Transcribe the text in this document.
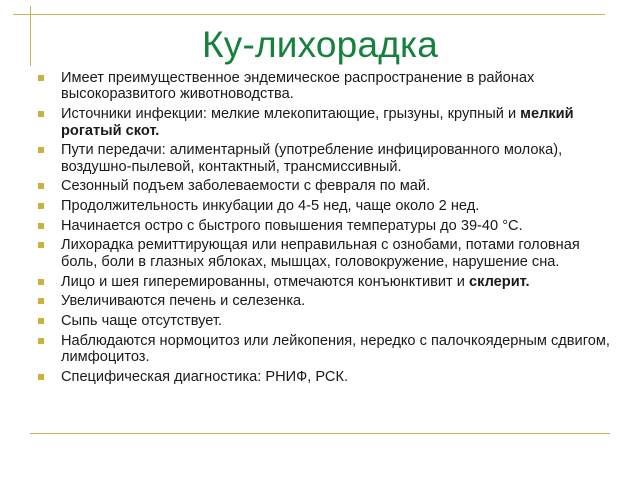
Ку-лихорадка
Имеет преимущественное эндемическое распространение в районах высокоразвитого животноводства.
Источники инфекции: мелкие млекопитающие, грызуны, крупный и мелкий рогатый скот.
Пути передачи: алиментарный (употребление инфицированного молока), воздушно-пылевой, контактный, трансмиссивный.
Сезонный подъем заболеваемости с февраля по май.
Продолжительность инкубации до 4-5 нед, чаще около 2 нед.
Начинается остро с быстрого повышения температуры до 39-40 °С.
Лихорадка ремиттирующая или неправильная с ознобами, потами головная боль, боли в глазных яблоках, мышцах, головокружение, нарушение сна.
Лицо и шея гиперемированны, отмечаются конъюнктивит и склерит.
Увеличиваются печень и селезенка.
Сыпь чаще отсутствует.
Наблюдаются нормоцитоз или лейкопения, нередко с палочкоядерным сдвигом, лимфоцитоз.
Специфическая диагностика: РНИФ, РСК.
